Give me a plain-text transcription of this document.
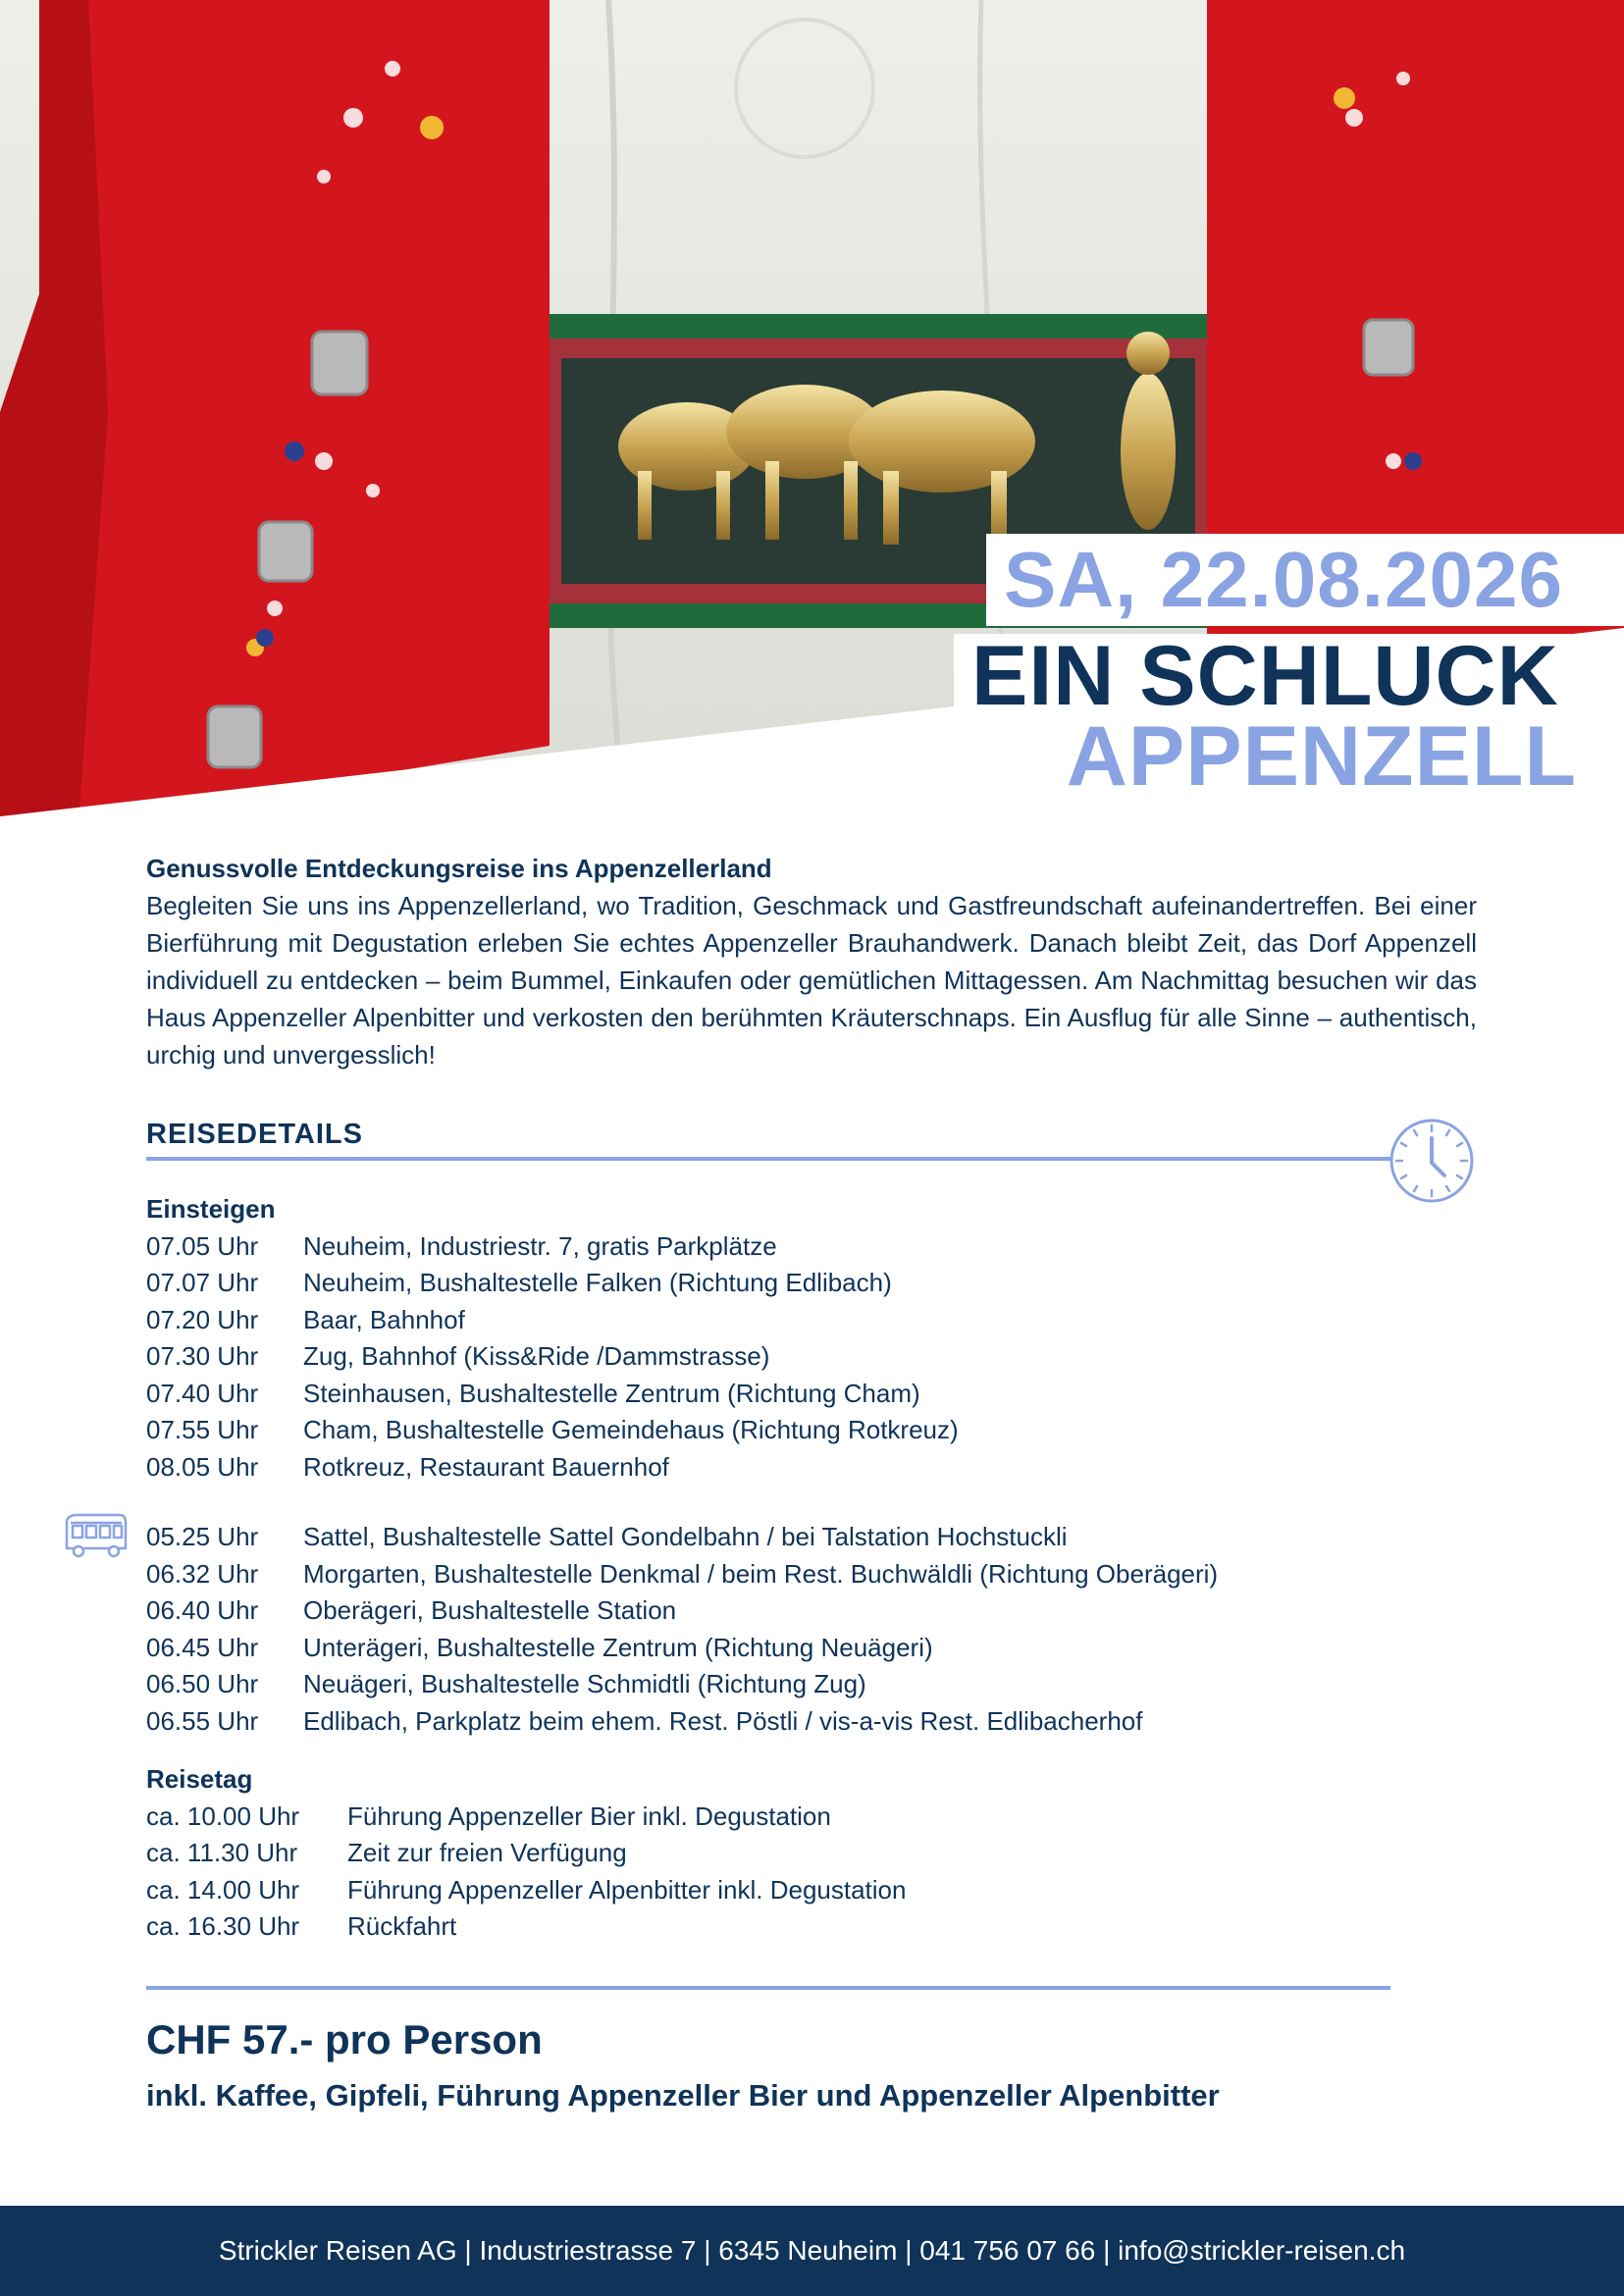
SA, 22.08.2026
EIN SCHLUCK
APPENZELL
Genussvolle Entdeckungsreise ins Appenzellerland
Begleiten Sie uns ins Appenzellerland, wo Tradition, Geschmack und Gastfreundschaft aufeinandertreffen. Bei einer Bierführung mit Degustation erleben Sie echtes Appenzeller Brauhandwerk. Danach bleibt Zeit, das Dorf Appenzell individuell zu entdecken – beim Bummel, Einkaufen oder gemütlichen Mittagessen. Am Nachmittag besuchen wir das Haus Appenzeller Alpenbitter und verkosten den berühmten Kräuterschnaps. Ein Ausflug für alle Sinne – authentisch, urchig und unvergesslich!
REISEDETAILS
Einsteigen
07.05 Uhr	Neuheim, Industriestr. 7, gratis Parkplätze
07.07 Uhr	Neuheim, Bushaltestelle Falken (Richtung Edlibach)
07.20 Uhr	Baar, Bahnhof
07.30 Uhr	Zug, Bahnhof (Kiss&Ride /Dammstrasse)
07.40 Uhr	Steinhausen, Bushaltestelle Zentrum (Richtung Cham)
07.55 Uhr	Cham, Bushaltestelle Gemeindehaus (Richtung Rotkreuz)
08.05 Uhr	Rotkreuz, Restaurant Bauernhof
05.25 Uhr	Sattel, Bushaltestelle Sattel Gondelbahn / bei Talstation Hochstuckli
06.32 Uhr	Morgarten, Bushaltestelle Denkmal / beim Rest. Buchwäldli (Richtung Oberägeri)
06.40 Uhr	Oberägeri, Bushaltestelle Station
06.45 Uhr	Unterägeri, Bushaltestelle Zentrum (Richtung Neuägeri)
06.50 Uhr	Neuägeri, Bushaltestelle Schmidtli (Richtung Zug)
06.55 Uhr	Edlibach, Parkplatz beim ehem. Rest. Pöstli / vis-a-vis Rest. Edlibacherhof
Reisetag
ca. 10.00 Uhr	Führung Appenzeller Bier inkl. Degustation
ca. 11.30 Uhr	Zeit zur freien Verfügung
ca. 14.00 Uhr	Führung Appenzeller Alpenbitter inkl. Degustation
ca. 16.30 Uhr	Rückfahrt
CHF 57.- pro Person
inkl. Kaffee, Gipfeli, Führung Appenzeller Bier und Appenzeller Alpenbitter
Strickler Reisen AG | Industriestrasse 7 | 6345 Neuheim | 041 756 07 66 | info@strickler-reisen.ch
